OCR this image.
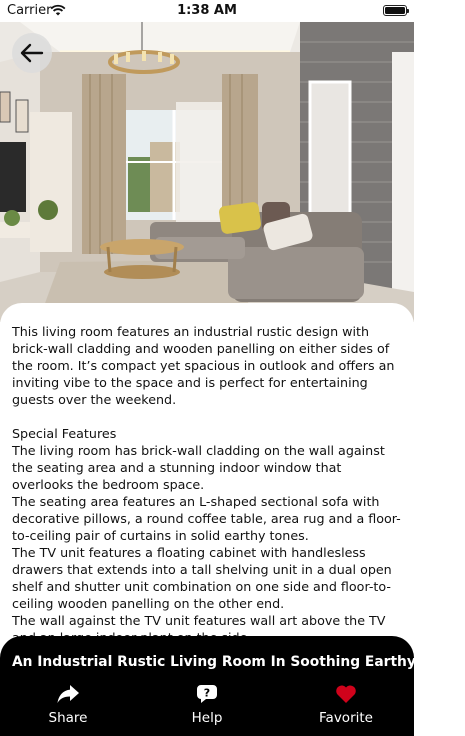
Carrier	1:38 AM

This living room features an industrial rustic design with brick-wall cladding and wooden panelling on either sides of the room. It’s compact yet spacious in outlook and offers an inviting vibe to the space and is perfect for entertaining guests over the weekend.

Special Features

The living room has brick-wall cladding on the wall against the seating area and a stunning indoor window that overlooks the bedroom space.

The seating area features an L-shaped sectional sofa with decorative pillows, a round coffee table, area rug and a floor-to-ceiling pair of curtains in solid earthy tones.

The TV unit features a floating cabinet with handlesless drawers that extends into a tall shelving unit in a dual open shelf and shutter unit combination on one side and floor-to-ceiling wooden panelling on the other end.

The wall against the TV unit features wall art above the TV

An Industrial Rustic Living Room In Soothing Earthy Tones
Share
?
Help	Favorite
